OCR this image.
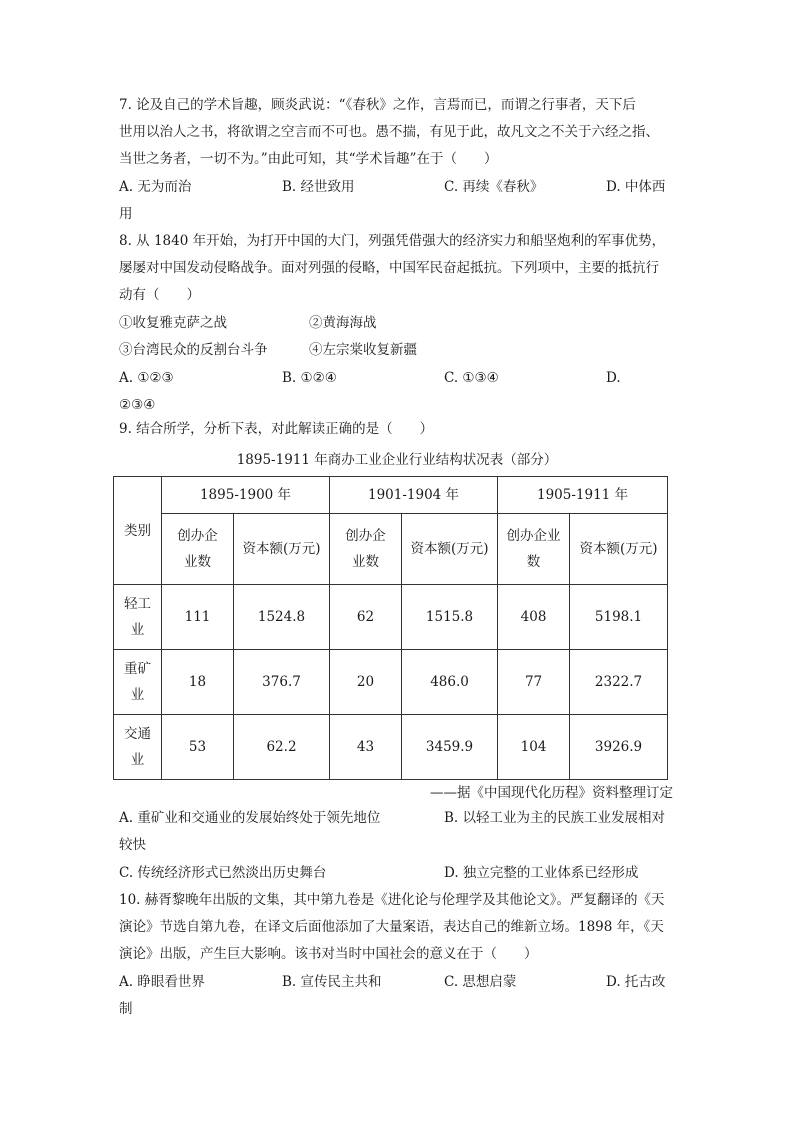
7. 论及自己的学术旨趣，顾炎武说：“《春秋》之作，言焉而已，而谓之行事者，天下后
世用以治人之书，将欲谓之空言而不可也。愚不揣，有见于此，故凡文之不关于六经之指、
当世之务者，一切不为。”由此可知，其“学术旨趣”在于（　　）
A. 无为而治	B. 经世致用	C. 再续《春秋》	D. 中体西
用
8. 从 1840 年开始，为打开中国的大门，列强凭借强大的经济实力和船坚炮利的军事优势，
屡屡对中国发动侵略战争。面对列强的侵略，中国军民奋起抵抗。下列项中，主要的抵抗行
动有（　　）
①收复雅克萨之战	②黄海海战
③台湾民众的反割台斗争	④左宗棠收复新疆
A. ①②③	B. ①②④	C. ①③④	D.
②③④
9. 结合所学，分析下表，对此解读正确的是（　　）
1895-1911 年商办工业企业行业结构状况表（部分）
类别	1895-1900 年		1901-1904 年		1905-1911 年	
	创办企业数	资本额(万元)	创办企业数	资本额(万元)	创办企业数	资本额(万元)
轻工业	111	1524.8	62	1515.8	408	5198.1
重矿业	18	376.7	20	486.0	77	2322.7
交通业	53	62.2	43	3459.9	104	3926.9
——据《中国现代化历程》资料整理订定
A. 重矿业和交通业的发展始终处于领先地位	B. 以轻工业为主的民族工业发展相对
较快
C. 传统经济形式已然淡出历史舞台	D. 独立完整的工业体系已经形成
10. 赫胥黎晚年出版的文集，其中第九卷是《进化论与伦理学及其他论文》。严复翻译的《天
演论》节选自第九卷，在译文后面他添加了大量案语，表达自己的维新立场。1898 年，《天
演论》出版，产生巨大影响。该书对当时中国社会的意义在于（　　）
A. 睁眼看世界	B. 宣传民主共和	C. 思想启蒙	D. 托古改
制
